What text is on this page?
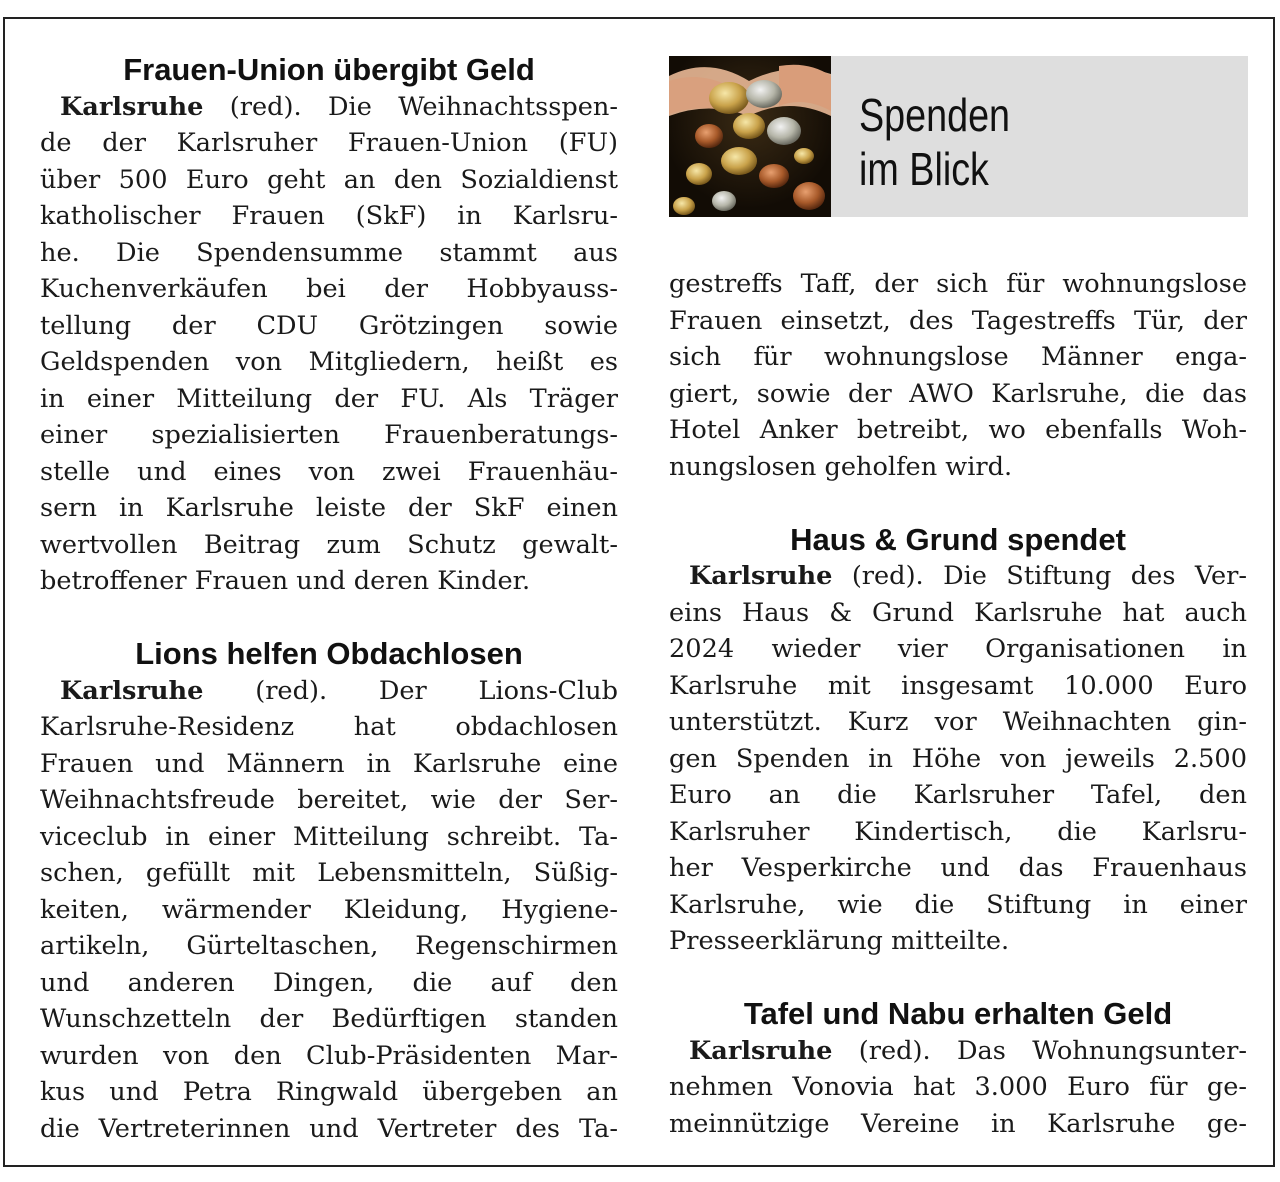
Frauen-Union übergibt Geld
Karlsruhe (red). Die Weihnachtsspen-
de der Karlsruher Frauen-Union (FU)
über 500 Euro geht an den Sozialdienst
katholischer Frauen (SkF) in Karlsru-
he. Die Spendensumme stammt aus
Kuchenverkäufen bei der Hobbyauss-
tellung der CDU Grötzingen sowie
Geldspenden von Mitgliedern, heißt es
in einer Mitteilung der FU. Als Träger
einer spezialisierten Frauenberatungs-
stelle und eines von zwei Frauenhäu-
sern in Karlsruhe leiste der SkF einen
wertvollen Beitrag zum Schutz gewalt-
betroffener Frauen und deren Kinder.
Lions helfen Obdachlosen
Karlsruhe (red). Der Lions-Club
Karlsruhe-Residenz hat obdachlosen
Frauen und Männern in Karlsruhe eine
Weihnachtsfreude bereitet, wie der Ser-
viceclub in einer Mitteilung schreibt. Ta-
schen, gefüllt mit Lebensmitteln, Süßig-
keiten, wärmender Kleidung, Hygiene-
artikeln, Gürteltaschen, Regenschirmen
und anderen Dingen, die auf den
Wunschzetteln der Bedürftigen standen
wurden von den Club-Präsidenten Mar-
kus und Petra Ringwald übergeben an
die Vertreterinnen und Vertreter des Ta-
Spenden
im Blick
gestreffs Taff, der sich für wohnungslose
Frauen einsetzt, des Tagestreffs Tür, der
sich für wohnungslose Männer enga-
giert, sowie der AWO Karlsruhe, die das
Hotel Anker betreibt, wo ebenfalls Woh-
nungslosen geholfen wird.
Haus & Grund spendet
Karlsruhe (red). Die Stiftung des Ver-
eins Haus & Grund Karlsruhe hat auch
2024 wieder vier Organisationen in
Karlsruhe mit insgesamt 10.000 Euro
unterstützt. Kurz vor Weihnachten gin-
gen Spenden in Höhe von jeweils 2.500
Euro an die Karlsruher Tafel, den
Karlsruher Kindertisch, die Karlsru-
her Vesperkirche und das Frauenhaus
Karlsruhe, wie die Stiftung in einer
Presseerklärung mitteilte.
Tafel und Nabu erhalten Geld
Karlsruhe (red). Das Wohnungsunter-
nehmen Vonovia hat 3.000 Euro für ge-
meinnützige Vereine in Karlsruhe ge-
